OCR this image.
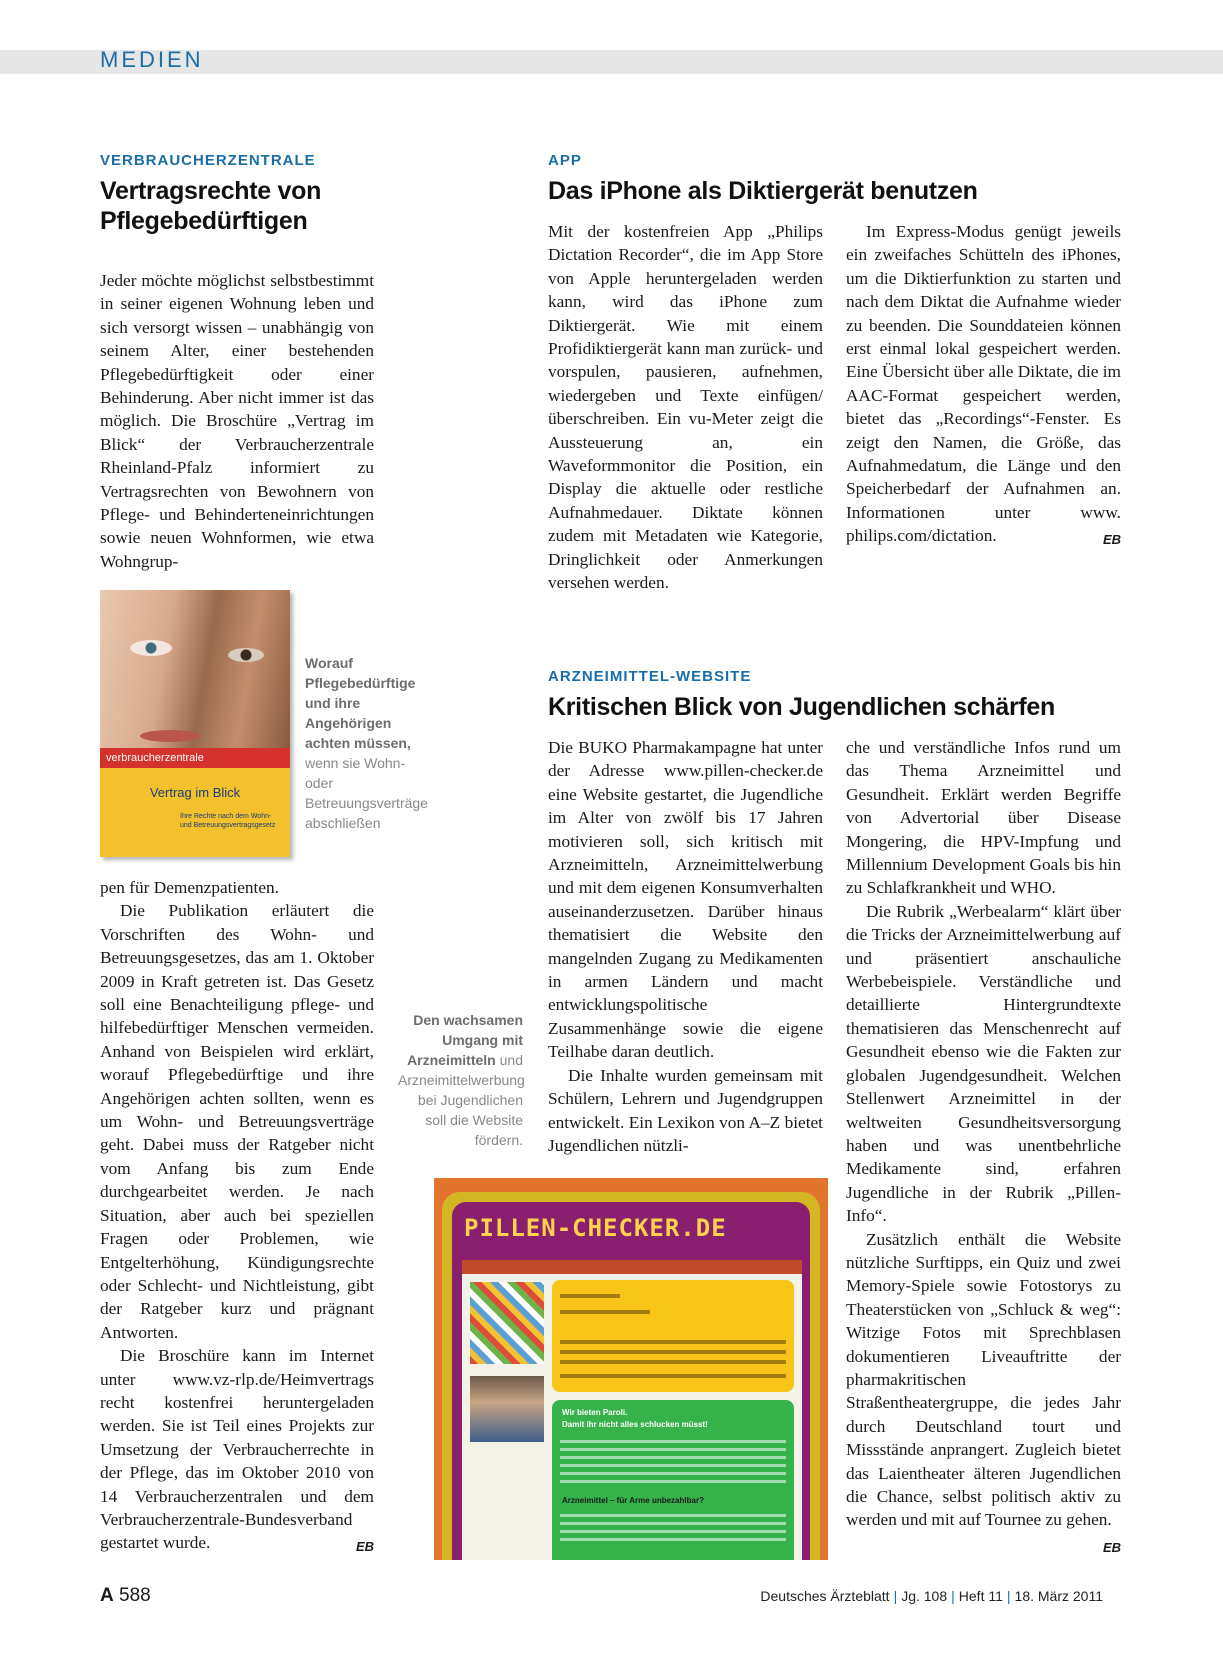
MEDIEN
VERBRAUCHERZENTRALE
Vertragsrechte von Pflegebedürftigen

Jeder möchte möglichst selbstbestimmt in seiner eigenen Wohnung leben und sich versorgt wissen – unabhängig von seinem Alter, einer bestehenden Pflegebedürftigkeit oder einer Behinderung. Aber nicht immer ist das möglich. Die Broschüre „Vertrag im Blick“ der Verbraucherzentrale Rheinland-Pfalz informiert zu Vertragsrechten von Bewohnern von Pflege- und Behinderteneinrichtungen sowie neuen Wohnformen, wie etwa Wohngrup-

verbraucherzentrale
Vertrag im Blick
Ihre Rechte nach dem Wohn- und Betreuungsvertragsgesetz
Worauf Pflegebedürftige und ihre Angehörigen achten müssen, wenn sie Wohn- oder Betreuungsverträge abschließen

pen für Demenzpatienten.

Die Publikation erläutert die Vorschriften des Wohn- und Betreuungsgesetzes, das am 1. Oktober 2009 in Kraft getreten ist. Das Gesetz soll eine Benachteiligung pflege- und hilfebedürftiger Menschen vermeiden. Anhand von Beispielen wird erklärt, worauf Pflegebedürftige und ihre Angehörigen achten sollten, wenn es um Wohn- und Betreuungsverträge geht. Dabei muss der Ratgeber nicht vom Anfang bis zum Ende durchgearbeitet werden. Je nach Situation, aber auch bei speziellen Fragen oder Problemen, wie Entgelterhöhung, Kündigungsrechte oder Schlecht- und Nichtleistung, gibt der Ratgeber kurz und prägnant Antworten.

Die Broschüre kann im Internet unter www.vz-rlp.de/Heimvertrags recht kostenfrei heruntergeladen werden. Sie ist Teil eines Projekts zur Umsetzung der Verbraucherrechte in der Pflege, das im Oktober 2010 von 14 Verbraucherzentralen und dem Verbraucherzentrale-Bundesverband gestartet wurde.	EB

APP
Das iPhone als Diktiergerät benutzen

Mit der kostenfreien App „Philips Dictation Recorder“, die im App Store von Apple heruntergeladen werden kann, wird das iPhone zum Diktiergerät. Wie mit einem Profidiktiergerät kann man zurück- und vorspulen, pausieren, aufnehmen, wiedergeben und Texte einfügen/überschreiben. Ein vu-Meter zeigt die Aussteuerung an, ein Waveformmonitor die Position, ein Display die aktuelle oder restliche Aufnahmedauer. Diktate können zudem mit Metadaten wie Kategorie, Dringlichkeit oder Anmerkungen versehen werden.

Im Express-Modus genügt jeweils ein zweifaches Schütteln des iPhones, um die Diktierfunktion zu starten und nach dem Diktat die Aufnahme wieder zu beenden. Die Sounddateien können erst einmal lokal gespeichert werden. Eine Übersicht über alle Diktate, die im AAC-Format gespeichert werden, bietet das „Recordings“-Fenster. Es zeigt den Namen, die Größe, das Aufnahmedatum, die Länge und den Speicherbedarf der Aufnahmen an. Informationen unter www. philips.com/dictation.	EB

ARZNEIMITTEL-WEBSITE
Kritischen Blick von Jugendlichen schärfen

Die BUKO Pharmakampagne hat unter der Adresse www.pillen-checker.de eine Website gestartet, die Jugendliche im Alter von zwölf bis 17 Jahren motivieren soll, sich kritisch mit Arzneimitteln, Arzneimittelwerbung und mit dem eigenen Konsumverhalten auseinanderzusetzen. Darüber hinaus thematisiert die Website den mangelnden Zugang zu Medikamenten in armen Ländern und macht entwicklungspolitische Zusammenhänge sowie die eigene Teilhabe daran deutlich.

Die Inhalte wurden gemeinsam mit Schülern, Lehrern und Jugendgruppen entwickelt. Ein Lexikon von A–Z bietet Jugendlichen nützli-

che und verständliche Infos rund um das Thema Arzneimittel und Gesundheit. Erklärt werden Begriffe von Advertorial über Disease Mongering, die HPV-Impfung und Millennium Development Goals bis hin zu Schlafkrankheit und WHO.

Die Rubrik „Werbealarm“ klärt über die Tricks der Arzneimittelwerbung auf und präsentiert anschauliche Werbebeispiele. Verständliche und detaillierte Hintergrundtexte thematisieren das Menschenrecht auf Gesundheit ebenso wie die Fakten zur globalen Jugendgesundheit. Welchen Stellenwert Arzneimittel in der weltweiten Gesundheitsversorgung haben und was unentbehrliche Medikamente sind, erfahren Jugendliche in der Rubrik „Pillen-Info“.

Zusätzlich enthält die Website nützliche Surftipps, ein Quiz und zwei Memory-Spiele sowie Fotostorys zu Theaterstücken von „Schluck & weg“: Witzige Fotos mit Sprechblasen dokumentieren Liveauftritte der pharmakritischen Straßentheatergruppe, die jedes Jahr durch Deutschland tourt und Missstände anprangert. Zugleich bietet das Laientheater älteren Jugendlichen die Chance, selbst politisch aktiv zu werden und mit auf Tournee zu gehen.
EB

Den wachsamen Umgang mit Arzneimitteln und Arzneimittelwerbung bei Jugendlichen soll die Website fördern.
PILLEN-CHECKER.DE
Wir bieten Paroli.
Damit ihr nicht alles schlucken müsst!
Arzneimittel – für Arme unbezahlbar?
A 588	Deutsches Ärzteblatt | Jg. 108 | Heft 11 | 18. März 2011
